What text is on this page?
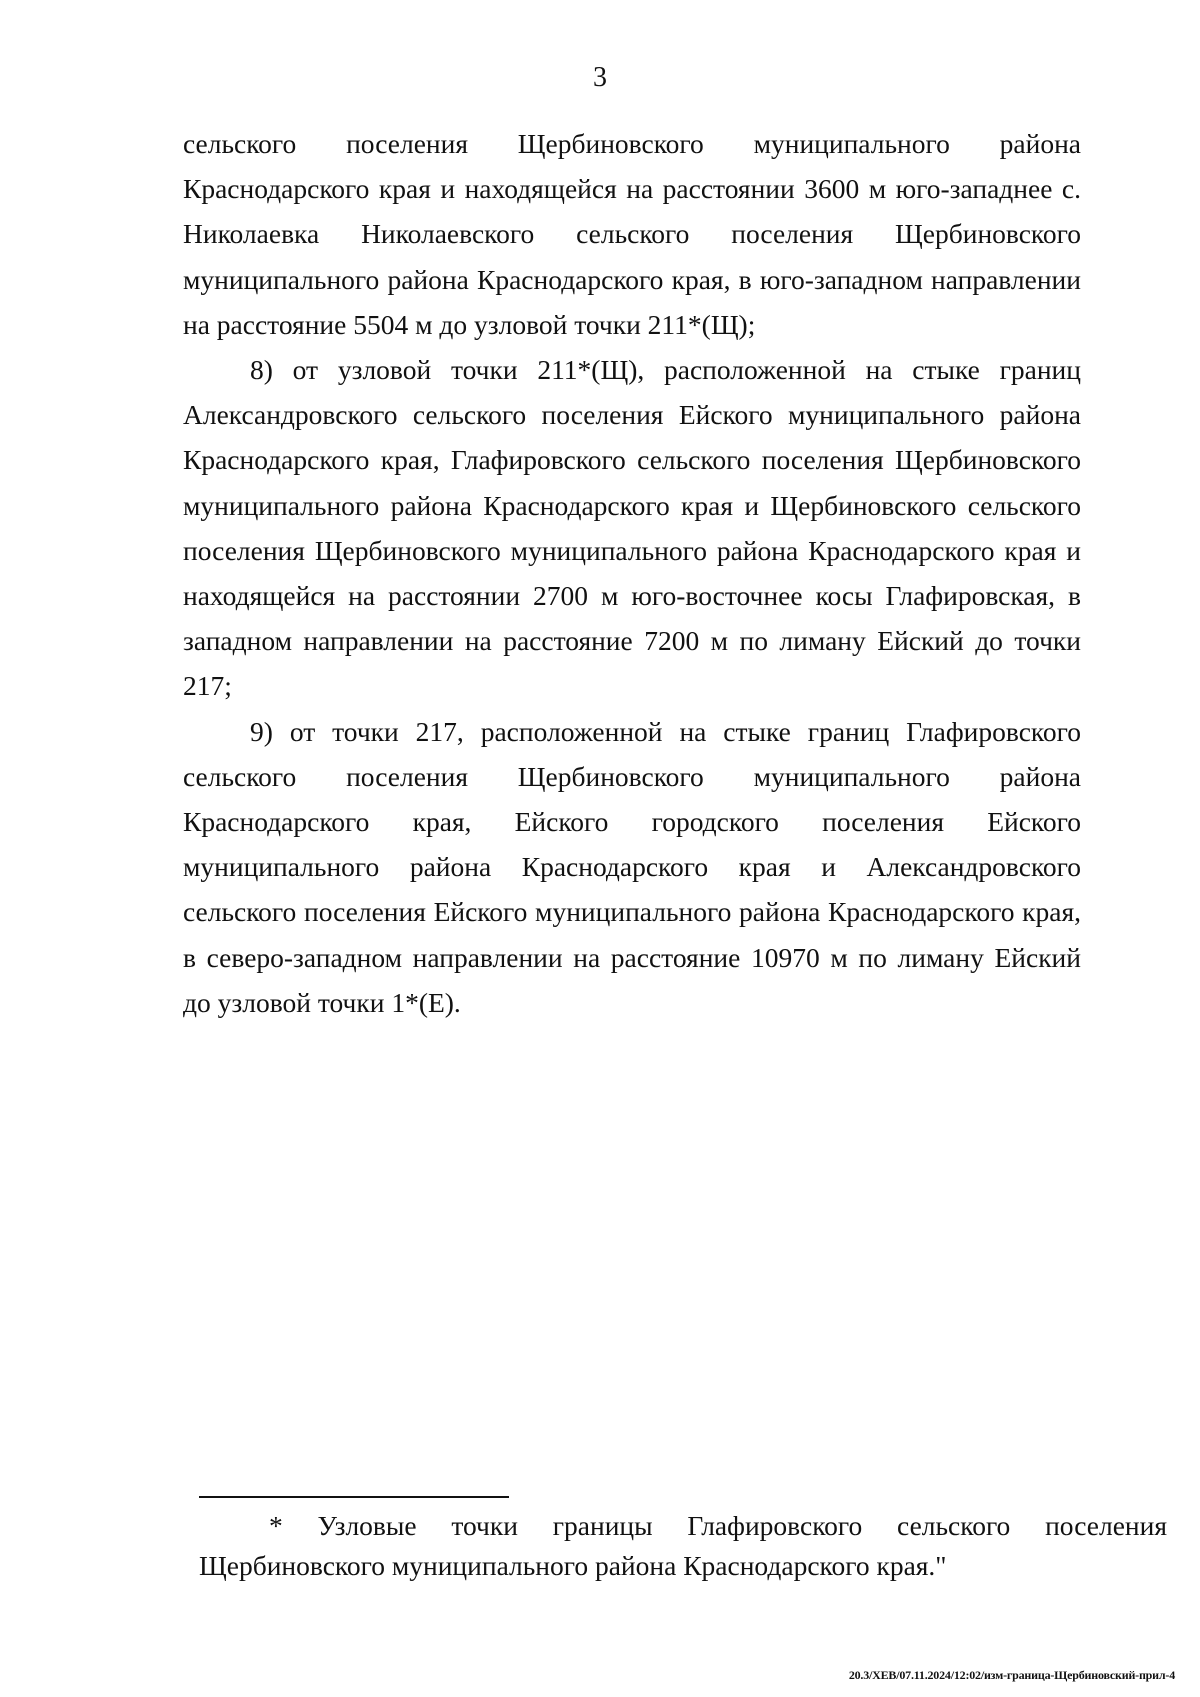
3

сельского поселения Щербиновского муниципального района Краснодарского края и находящейся на расстоянии 3600 м юго-западнее с. Николаевка Николаевского сельского поселения Щербиновского муниципального района Краснодарского края, в юго-западном направлении на расстояние 5504 м до узловой точки 211*(Щ);

8) от узловой точки 211*(Щ), расположенной на стыке границ Александровского сельского поселения Ейского муниципального района Краснодарского края, Глафировского сельского поселения Щербиновского муниципального района Краснодарского края и Щербиновского сельского поселения Щербиновского муниципального района Краснодарского края и находящейся на расстоянии 2700 м юго-восточнее косы Глафировская, в западном направлении на расстояние 7200 м по лиману Ейский до точки 217;

9) от точки 217, расположенной на стыке границ Глафировского сельского поселения Щербиновского муниципального района Краснодарского края, Ейского городского поселения Ейского муниципального района Краснодарского края и Александровского сельского поселения Ейского муниципального района Краснодарского края, в северо-западном направлении на расстояние 10970 м по лиману Ейский до узловой точки 1*(Е).

* Узловые точки границы Глафировского сельского поселения Щербиновского муниципального района Краснодарского края."
20.3/ХЕВ/07.11.2024/12:02/изм-граница-Щербиновский-прил-4
